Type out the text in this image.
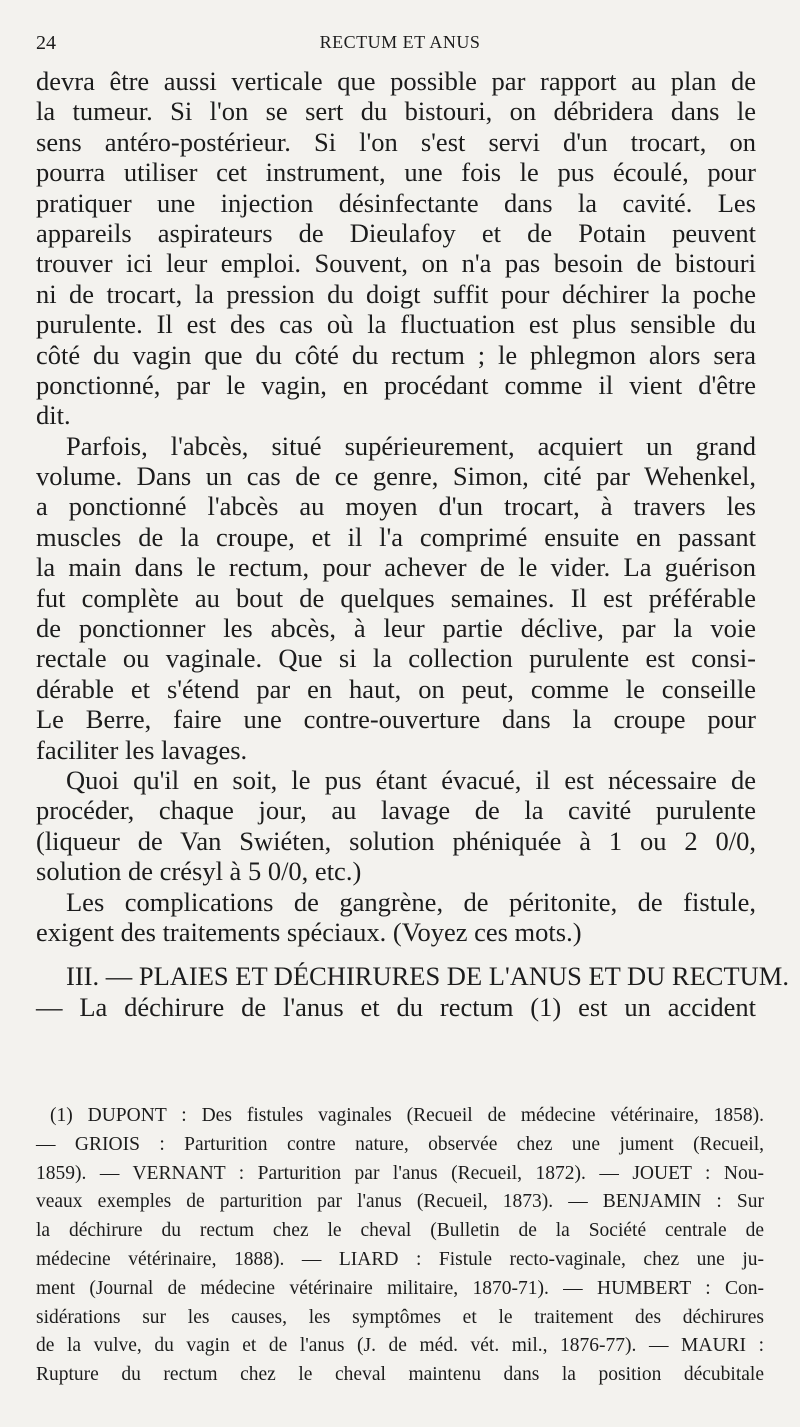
24	RECTUM ET ANUS
devra être aussi verticale que possible par rapport au plan de
la tumeur. Si l'on se sert du bistouri, on débridera dans le
sens antéro-postérieur. Si l'on s'est servi d'un trocart, on
pourra utiliser cet instrument, une fois le pus écoulé, pour
pratiquer une injection désinfectante dans la cavité. Les
appareils aspirateurs de Dieulafoy et de Potain peuvent
trouver ici leur emploi. Souvent, on n'a pas besoin de bistouri
ni de trocart, la pression du doigt suffit pour déchirer la poche
purulente. Il est des cas où la fluctuation est plus sensible du
côté du vagin que du côté du rectum ; le phlegmon alors sera
ponctionné, par le vagin, en procédant comme il vient d'être
dit.
Parfois, l'abcès, situé supérieurement, acquiert un grand
volume. Dans un cas de ce genre, Simon, cité par Wehenkel,
a ponctionné l'abcès au moyen d'un trocart, à travers les
muscles de la croupe, et il l'a comprimé ensuite en passant
la main dans le rectum, pour achever de le vider. La guérison
fut complète au bout de quelques semaines. Il est préférable
de ponctionner les abcès, à leur partie déclive, par la voie
rectale ou vaginale. Que si la collection purulente est consi-
dérable et s'étend par en haut, on peut, comme le conseille
Le Berre, faire une contre-ouverture dans la croupe pour
faciliter les lavages.
Quoi qu'il en soit, le pus étant évacué, il est nécessaire de
procéder, chaque jour, au lavage de la cavité purulente
(liqueur de Van Swiéten, solution phéniquée à 1 ou 2 0/0,
solution de crésyl à 5 0/0, etc.)
Les complications de gangrène, de péritonite, de fistule,
exigent des traitements spéciaux. (Voyez ces mots.)
III. — PLAIES ET DÉCHIRURES DE L'ANUS ET DU RECTUM.
— La déchirure de l'anus et du rectum (1) est un accident
(1) DUPONT : Des fistules vaginales (Recueil de médecine vétérinaire, 1858).
— GRIOIS : Parturition contre nature, observée chez une jument (Recueil,
1859). — VERNANT : Parturition par l'anus (Recueil, 1872). — JOUET : Nou-
veaux exemples de parturition par l'anus (Recueil, 1873). — BENJAMIN : Sur
la déchirure du rectum chez le cheval (Bulletin de la Société centrale de
médecine vétérinaire, 1888). — LIARD : Fistule recto-vaginale, chez une ju-
ment (Journal de médecine vétérinaire militaire, 1870-71). — HUMBERT : Con-
sidérations sur les causes, les symptômes et le traitement des déchirures
de la vulve, du vagin et de l'anus (J. de méd. vét. mil., 1876-77). — MAURI :
Rupture du rectum chez le cheval maintenu dans la position décubitale
